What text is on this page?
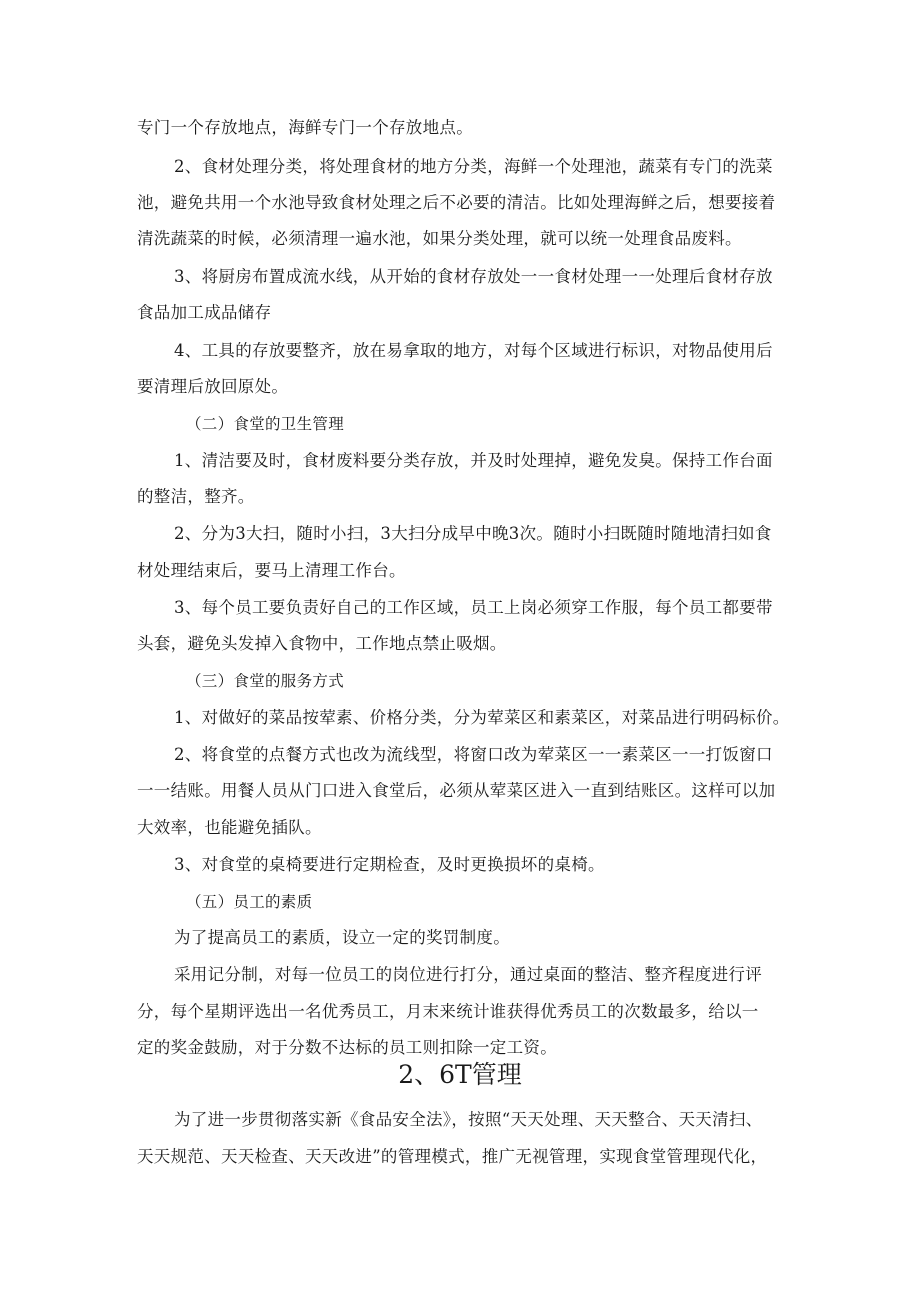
专门一个存放地点，海鲜专门一个存放地点。
2、食材处理分类，将处理食材的地方分类，海鲜一个处理池，蔬菜有专门的洗菜
池，避免共用一个水池导致食材处理之后不必要的清洁。比如处理海鲜之后，想要接着
清洗蔬菜的时候，必须清理一遍水池，如果分类处理，就可以统一处理食品废料。
3、将厨房布置成流水线，从开始的食材存放处一一食材处理一一处理后食材存放
食品加工成品储存
4、工具的存放要整齐，放在易拿取的地方，对每个区域进行标识，对物品使用后
要清理后放回原处。
（二）食堂的卫生管理
1、清洁要及时，食材废料要分类存放，并及时处理掉，避免发臭。保持工作台面
的整洁，整齐。
2、分为3大扫，随时小扫，3大扫分成早中晚3次。随时小扫既随时随地清扫如食
材处理结束后，要马上清理工作台。
3、每个员工要负责好自己的工作区域，员工上岗必须穿工作服，每个员工都要带
头套，避免头发掉入食物中，工作地点禁止吸烟。
（三）食堂的服务方式
1、对做好的菜品按荤素、价格分类，分为荤菜区和素菜区，对菜品进行明码标价。
2、将食堂的点餐方式也改为流线型，将窗口改为荤菜区一一素菜区一一打饭窗口
一一结账。用餐人员从门口进入食堂后，必须从荤菜区进入一直到结账区。这样可以加
大效率，也能避免插队。
3、对食堂的桌椅要进行定期检查，及时更换损坏的桌椅。
（五）员工的素质
为了提高员工的素质，设立一定的奖罚制度。
采用记分制，对每一位员工的岗位进行打分，通过桌面的整洁、整齐程度进行评
分，每个星期评选出一名优秀员工，月末来统计谁获得优秀员工的次数最多，给以一
定的奖金鼓励，对于分数不达标的员工则扣除一定工资。
2、6T管理
为了进一步贯彻落实新《食品安全法》，按照“天天处理、天天整合、天天清扫、
天天规范、天天检查、天天改进”的管理模式，推广无视管理，实现食堂管理现代化，
